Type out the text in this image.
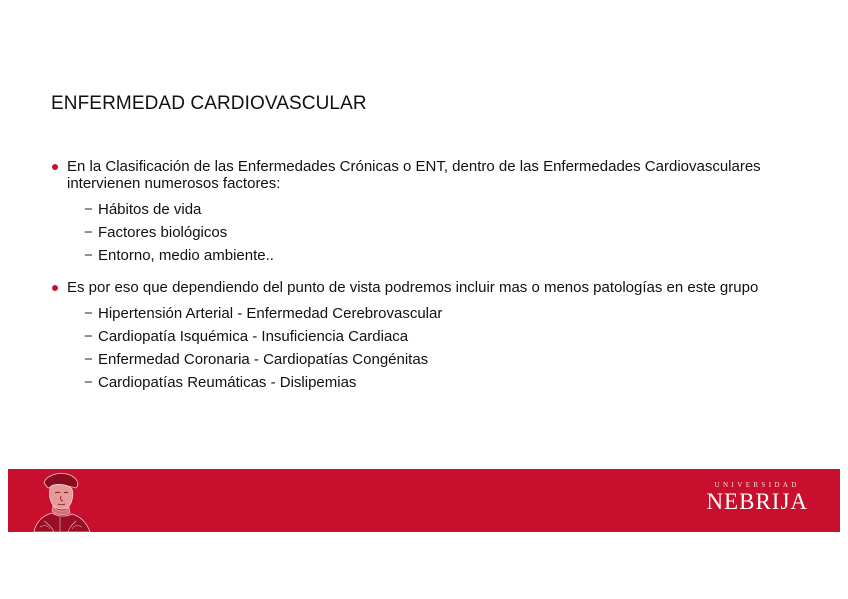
ENFERMEDAD CARDIOVASCULAR
En la Clasificación de las Enfermedades Crónicas o ENT, dentro de las Enfermedades Cardiovasculares intervienen numerosos factores:
− Hábitos de vida
− Factores biológicos
− Entorno, medio ambiente..
Es por eso que dependiendo del punto de vista podremos incluir mas o menos patologías en este grupo
− Hipertensión Arterial - Enfermedad Cerebrovascular
− Cardiopatía Isquémica - Insuficiencia Cardiaca
− Enfermedad Coronaria - Cardiopatías Congénitas
− Cardiopatías Reumáticas - Dislipemias
UNIVERSIDAD
NEBRIJA
